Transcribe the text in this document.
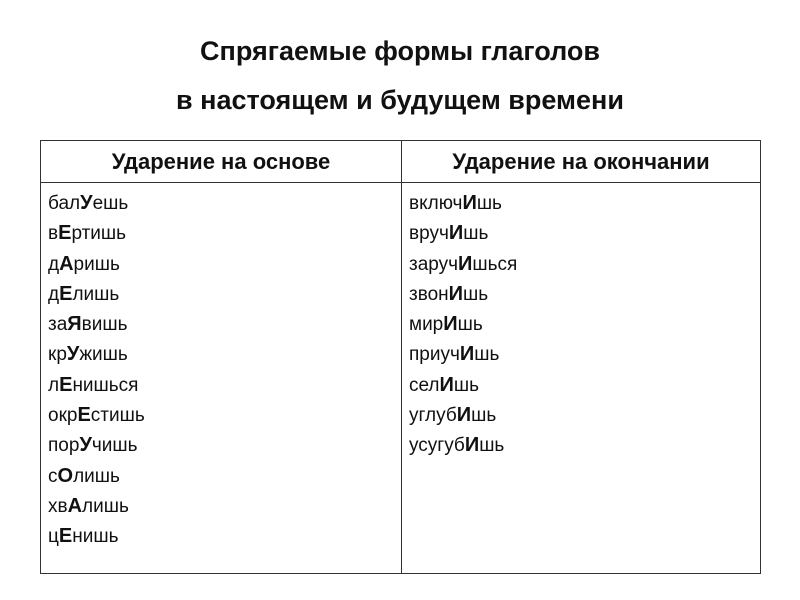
Спрягаемые формы глаголов
в настоящем и будущем времени
Ударение на основе	Ударение на окончании
балУешь
вЕртишь
дАришь
дЕлишь
заЯвишь
крУжишь
лЕнишься
окрЕстишь
порУчишь
сОлишь
хвАлишь
цЕнишь
включИшь
вручИшь
заручИшься
звонИшь
мирИшь
приучИшь
селИшь
углубИшь
усугубИшь
